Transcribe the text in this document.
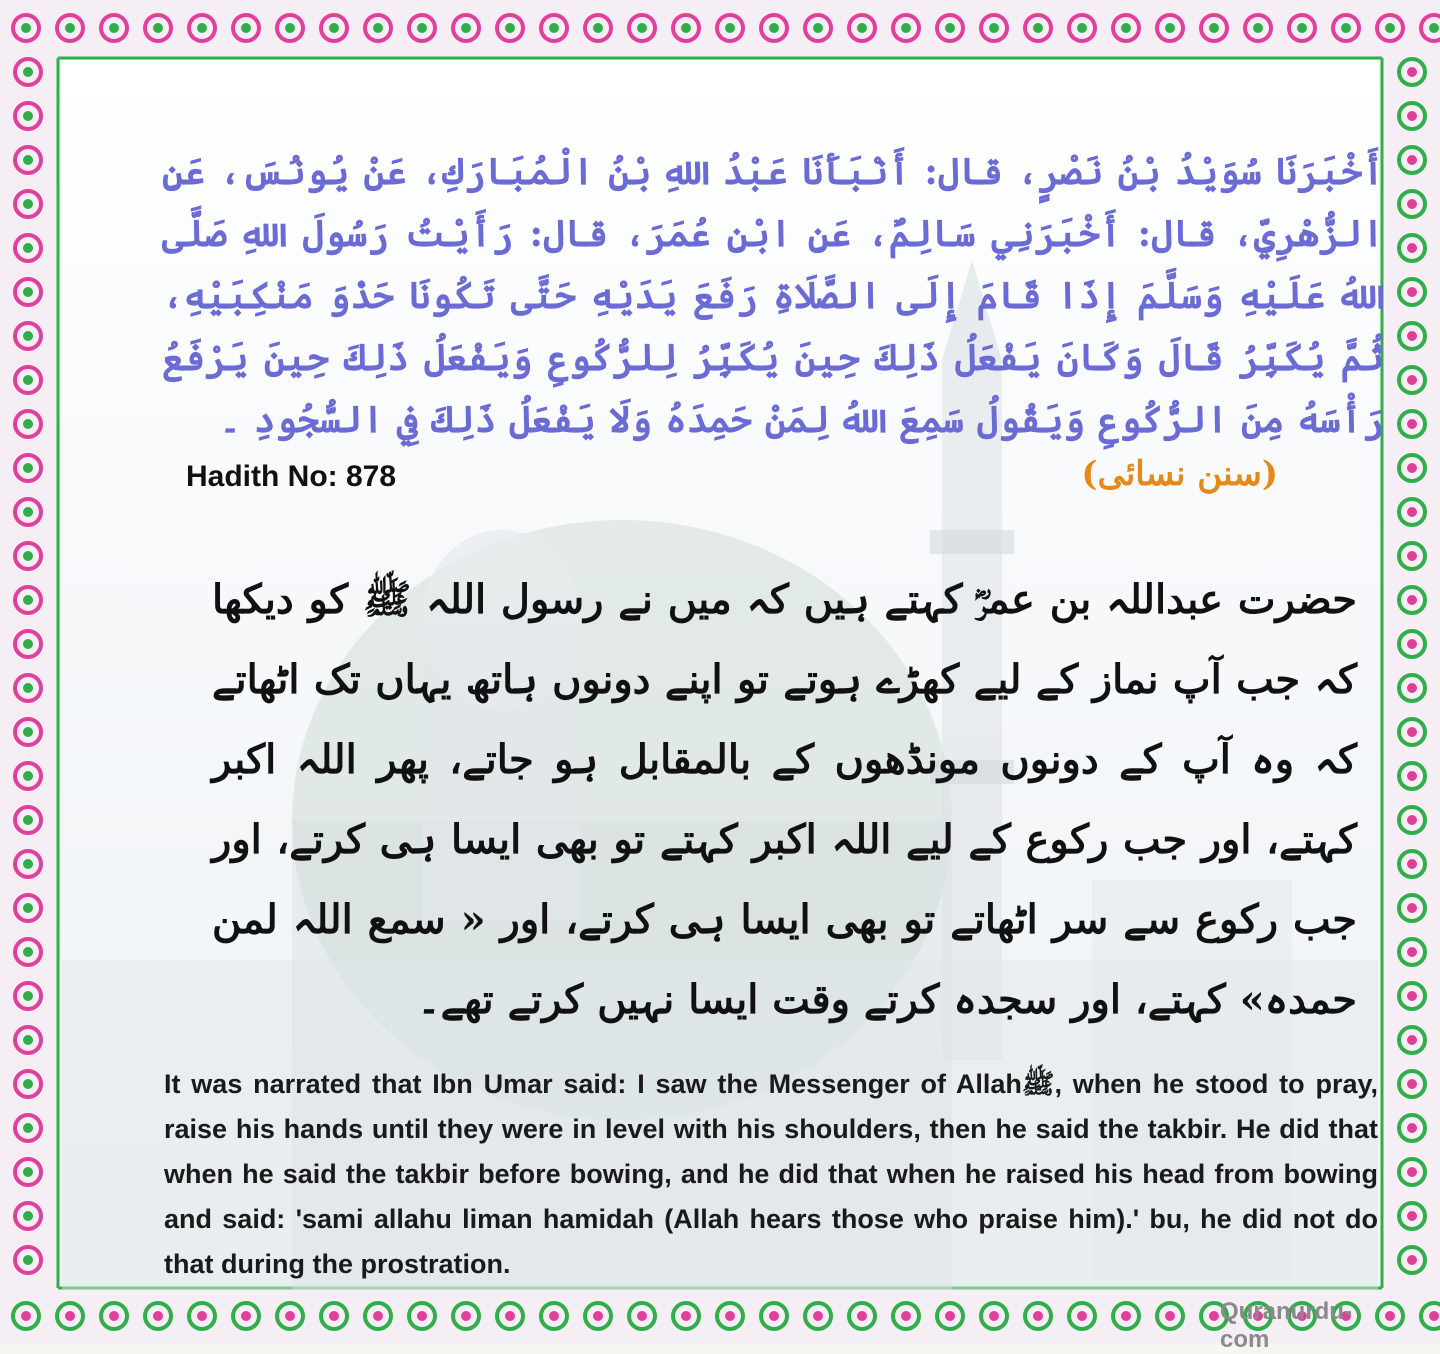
أَخْبَرَنَا سُوَيْدُ بْنُ نَصْرٍ، قال: أَنْبَأَنَا عَبْدُ اللهِ بْنُ الْمُبَارَكِ، عَنْ يُونُسَ، عَنِ الزُّهْرِيِّ، قال: أَخْبَرَنِي سَالِمٌ، عَنِ ابْنِ عُمَرَ، قال: رَأَيْتُ رَسُولَ اللهِ صَلَّى اللهُ عَلَيْهِ وَسَلَّمَ إِذَا قَامَ إِلَى الصَّلَاةِ رَفَعَ يَدَيْهِ حَتَّى تَكُونَا حَذْوَ مَنْكِبَيْهِ، ثُمَّ يُكَبِّرُ قَالَ وَكَانَ يَفْعَلُ ذَلِكَ حِينَ يُكَبِّرُ لِلرُّكُوعِ وَيَفْعَلُ ذَلِكَ حِينَ يَرْفَعُ رَأْسَهُ مِنَ الرُّكُوعِ وَيَقُولُ سَمِعَ اللهُ لِمَنْ حَمِدَهُ وَلَا يَفْعَلُ ذَلِكَ فِي السُّجُودِ ۔
Hadith No: 878	(سنن نسائی)
حضرت عبداللہ بن عمرؓ کہتے ہیں کہ میں نے رسول اللہ ﷺ کو دیکھا کہ جب آپ نماز کے لیے کھڑے ہوتے تو اپنے دونوں ہاتھ یہاں تک اٹھاتے کہ وہ آپ کے دونوں مونڈھوں کے بالمقابل ہو جاتے، پھر اللہ اکبر کہتے، اور جب رکوع کے لیے اللہ اکبر کہتے تو بھی ایسا ہی کرتے، اور جب رکوع سے سر اٹھاتے تو بھی ایسا ہی کرتے، اور « سمع اللہ لمن حمدہ» کہتے، اور سجدہ کرتے وقت ایسا نہیں کرتے تھے۔
It was narrated that Ibn Umar said: I saw the Messenger of Allahﷺ, when he stood to pray, raise his hands until they were in level with his shoulders, then he said the takbir. He did that when he said the takbir before bowing, and he did that when he raised his head from bowing and said: 'sami allahu liman hamidah (Allah hears those who praise him).' bu, he did not do that during the prostration.
Quranurdu-com
